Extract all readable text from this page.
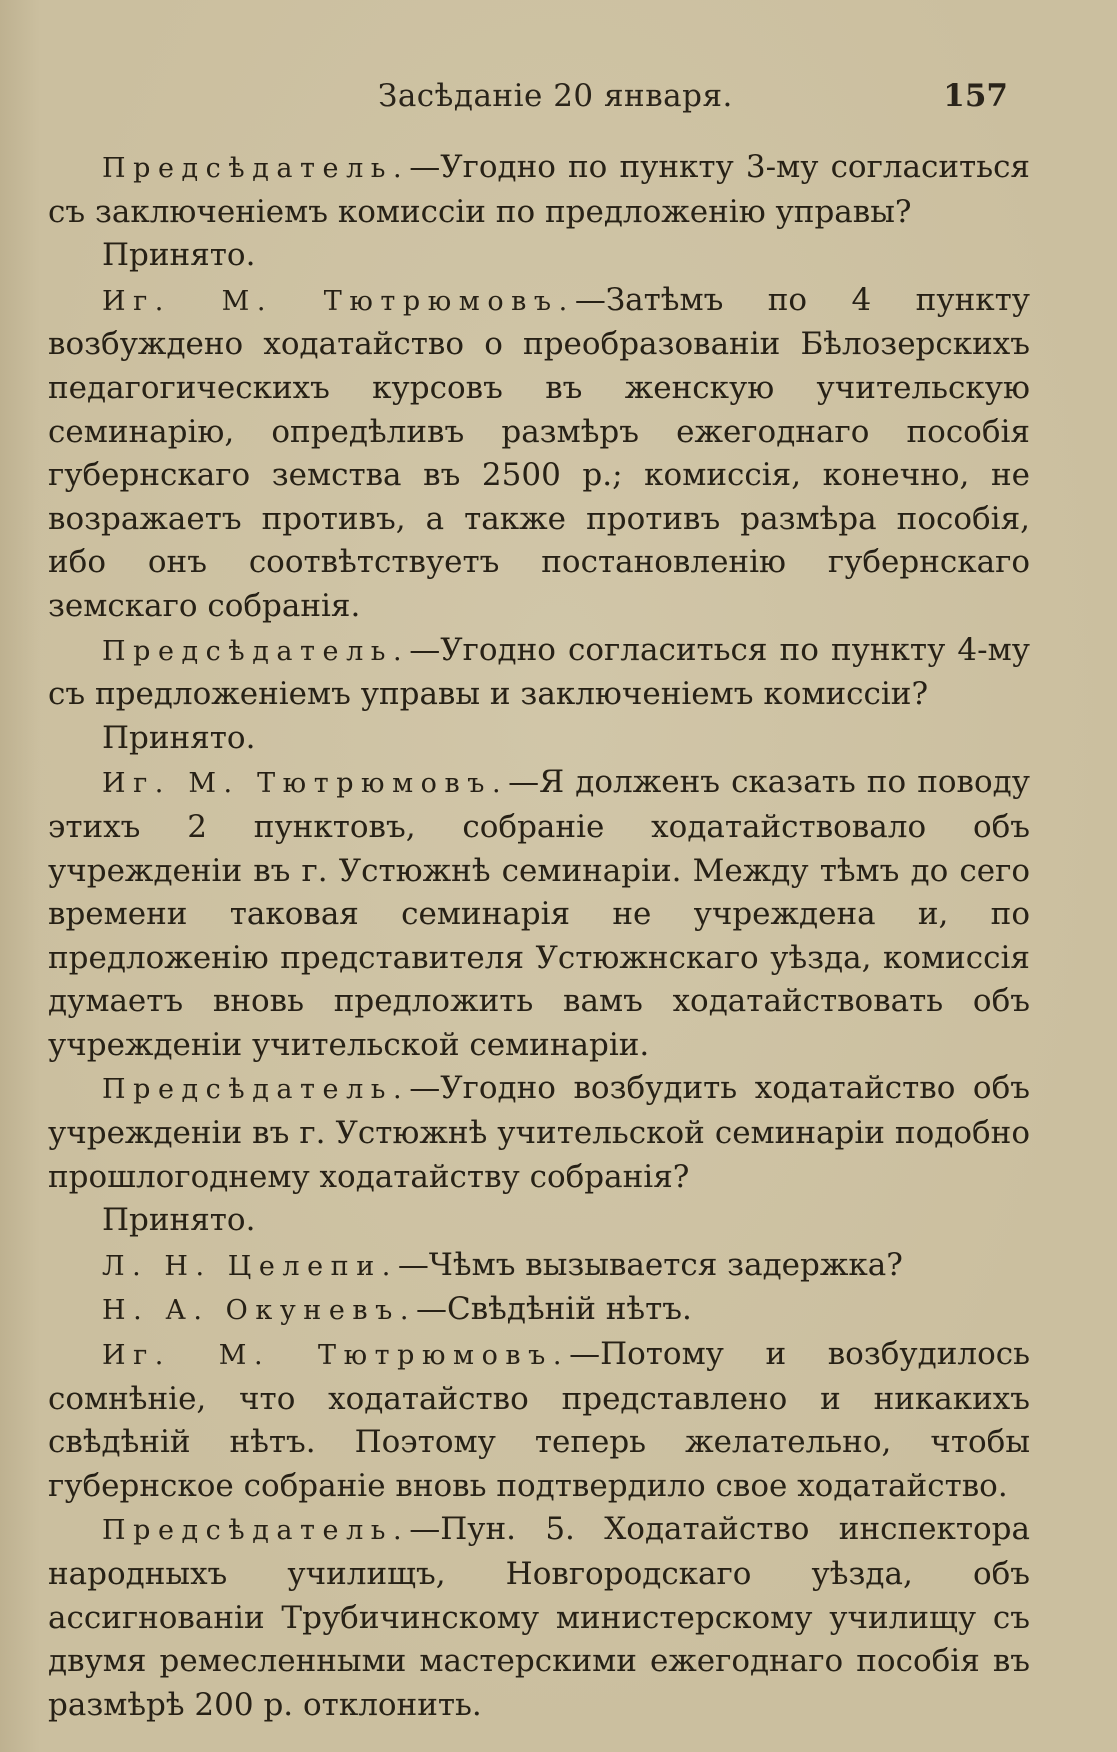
Засѣданіе 20 января.	157

Предсѣдатель.—Угодно по пункту 3-му согласиться съ заключеніемъ комиссіи по предложенію управы?

Принято.

Иг. М. Тютрюмовъ.—Затѣмъ по 4 пункту возбуждено ходатайство о преобразованіи Бѣлозерскихъ педагогическихъ курсовъ въ женскую учительскую семинарію, опредѣливъ размѣръ ежегоднаго пособія губернскаго земства въ 2500 р.; комиссія, конечно, не возражаетъ противъ, а также противъ размѣра пособія, ибо онъ соотвѣтствуетъ постановленію губернскаго земскаго собранія.

Предсѣдатель.—Угодно согласиться по пункту 4-му съ предложеніемъ управы и заключеніемъ комиссіи?

Принято.

Иг. М. Тютрюмовъ.—Я долженъ сказать по поводу этихъ 2 пунктовъ, собраніе ходатайствовало объ учрежденіи въ г. Устюжнѣ семинаріи. Между тѣмъ до сего времени таковая семинарія не учреждена и, по предложенію представителя Устюжнскаго уѣзда, комиссія думаетъ вновь предложить вамъ ходатайствовать объ учрежденіи учительской семинаріи.

Предсѣдатель.—Угодно возбудить ходатайство объ учрежденіи въ г. Устюжнѣ учительской семинаріи подобно прошлогоднему ходатайству собранія?

Принято.

Л. Н. Целепи.—Чѣмъ вызывается задержка?

Н. А. Окуневъ.—Свѣдѣній нѣтъ.

Иг. М. Тютрюмовъ.—Потому и возбудилось сомнѣніе, что ходатайство представлено и никакихъ свѣдѣній нѣтъ. Поэтому теперь желательно, чтобы губернское собраніе вновь подтвердило свое ходатайство.

Предсѣдатель.—Пун. 5. Ходатайство инспектора народныхъ училищъ, Новгородскаго уѣзда, объ ассигнованіи Трубичинскому министерскому училищу съ двумя ремесленными мастерскими ежегоднаго пособія въ размѣрѣ 200 р. отклонить.
